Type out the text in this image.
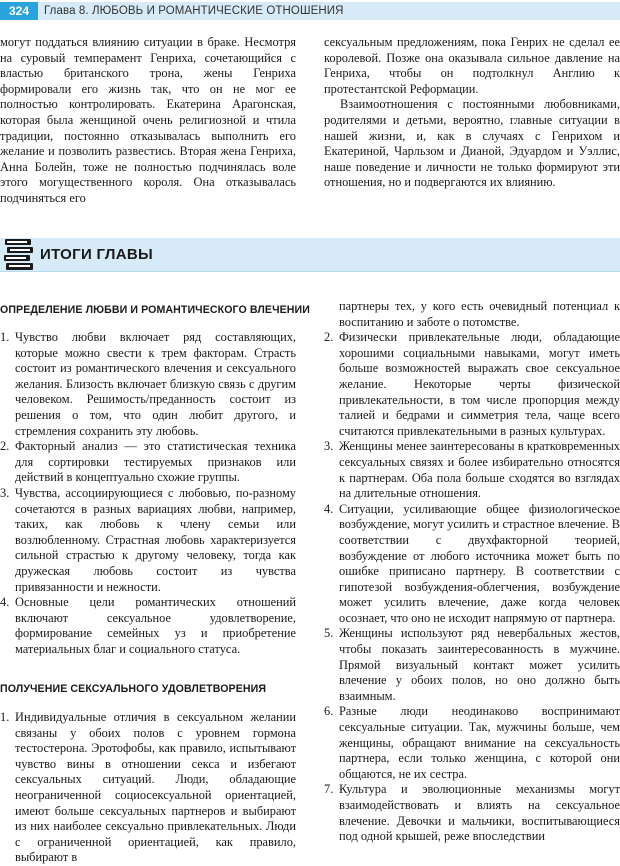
324	Глава 8. ЛЮБОВЬ И РОМАНТИЧЕСКИЕ ОТНОШЕНИЯ

могут поддаться влиянию ситуации в браке. Несмотря на суровый темперамент Генриха, сочетающийся с властью британского трона, жены Генриха формировали его жизнь так, что он не мог ее полностью контролировать. Екатерина Арагонская, которая была женщиной очень религиозной и чтила традиции, постоянно отказывалась выполнить его желание и позволить развестись. Вторая жена Генриха, Анна Болейн, тоже не полностью подчинялась воле этого могущественного короля. Она отказывалась подчиняться его

сексуальным предложениям, пока Генрих не сделал ее королевой. Позже она оказывала сильное давление на Генриха, чтобы он подтолкнул Англию к протестантской Реформации.

Взаимоотношения с постоянными любовниками, родителями и детьми, вероятно, главные ситуации в нашей жизни, и, как в случаях с Генрихом и Екатериной, Чарльзом и Дианой, Эдуардом и Уэллис, наше поведение и личности не только формируют эти отношения, но и подвергаются их влиянию.

ИТОГИ ГЛАВЫ
ОПРЕДЕЛЕНИЕ ЛЮБВИ И РОМАНТИЧЕСКОГО ВЛЕЧЕНИИ
1. Чувство любви включает ряд составляющих, которые можно свести к трем факторам. Страсть состоит из романтического влечения и сексуального желания. Близость включает близкую связь с другим человеком. Решимость/преданность состоит из решения о том, что один любит другого, и стремления сохранить эту любовь.
2. Факторный анализ — это статистическая техника для сортировки тестируемых признаков или действий в концептуально схожие группы.
3. Чувства, ассоциирующиеся с любовью, по-разному сочетаются в разных вариациях любви, например, таких, как любовь к члену семьи или возлюбленному. Страстная любовь характеризуется сильной страстью к другому человеку, тогда как дружеская любовь состоит из чувства привязанности и нежности.
4. Основные цели романтических отношений включают сексуальное удовлетворение, формирование семейных уз и приобретение материальных благ и социального статуса.
ПОЛУЧЕНИЕ СЕКСУАЛЬНОГО УДОВЛЕТВОРЕНИЯ
1. Индивидуальные отличия в сексуальном желании связаны у обоих полов с уровнем гормона тестостерона. Эротофобы, как правило, испытывают чувство вины в отношении секса и избегают сексуальных ситуаций. Люди, обладающие неограниченной социосексуальной ориентацией, имеют больше сексуальных партнеров и выбирают из них наиболее сексуально привлекательных. Люди с ограниченной ориентацией, как правило, выбирают в
партнеры тех, у кого есть очевидный потенциал к воспитанию и заботе о потомстве.
2. Физически привлекательные люди, обладающие хорошими социальными навыками, могут иметь больше возможностей выражать свое сексуальное желание. Некоторые черты физической привлекательности, в том числе пропорция между талией и бедрами и симметрия тела, чаще всего считаются привлекательными в разных культурах.
3. Женщины менее заинтересованы в кратковременных сексуальных связях и более избирательно относятся к партнерам. Оба пола больше сходятся во взглядах на длительные отношения.
4. Ситуации, усиливающие общее физиологическое возбуждение, могут усилить и страстное влечение. В соответствии с двухфакторной теорией, возбуждение от любого источника может быть по ошибке приписано партнеру. В соответствии с гипотезой возбуждения-облегчения, возбуждение может усилить влечение, даже когда человек осознает, что оно не исходит напрямую от партнера.
5. Женщины используют ряд невербальных жестов, чтобы показать заинтересованность в мужчине. Прямой визуальный контакт может усилить влечение у обоих полов, но оно должно быть взаимным.
6. Разные люди неодинаково воспринимают сексуальные ситуации. Так, мужчины больше, чем женщины, обращают внимание на сексуальность партнера, если только женщина, с которой они общаются, не их сестра.
7. Культура и эволюционные механизмы могут взаимодействовать и влиять на сексуальное влечение. Девочки и мальчики, воспитывающиеся под одной крышей, реже впоследствии
